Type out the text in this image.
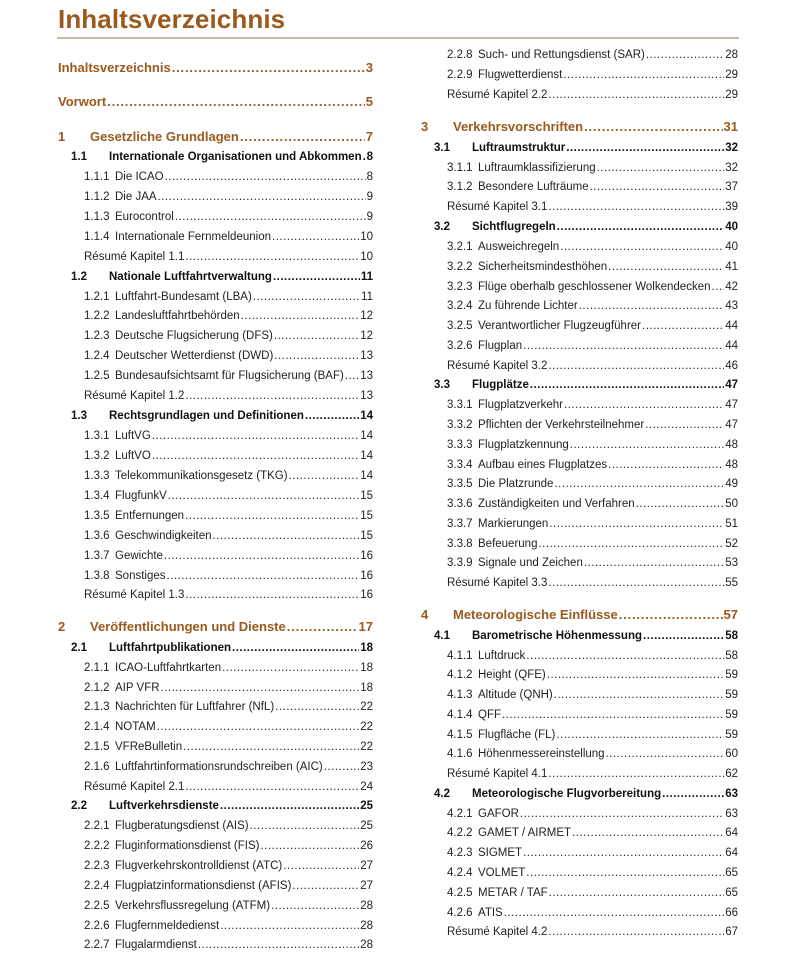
Inhaltsverzeichnis
Inhaltsverzeichnis .....	3
Vorwort .....	5
1	Gesetzliche Grundlagen .....	7
1.1	Internationale Organisationen und Abkommen ..... 8
1.1.1 Die ICAO .....	8
1.1.2 Die JAA .....	9
1.1.3 Eurocontrol .....	9
1.1.4 Internationale Fernmeldeunion .....	10
Résumé Kapitel 1.1 .....	10
1.2	Nationale Luftfahrtverwaltung .....	11
1.2.1 Luftfahrt-Bundesamt (LBA) .....	11
1.2.2 Landesluftfahrtbehörden .....	12
1.2.3 Deutsche Flugsicherung (DFS) .....	12
1.2.4 Deutscher Wetterdienst (DWD) .....	13
1.2.5 Bundesaufsichtsamt für Flugsicherung (BAF) ..... 13
Résumé Kapitel 1.2 .....	13
1.3	Rechtsgrundlagen und Definitionen .....	14
1.3.1 LuftVG .....	14
1.3.2 LuftVO .....	14
1.3.3 Telekommunikationsgesetz (TKG) .....	14
1.3.4 FlugfunkV .....	15
1.3.5 Entfernungen .....	15
1.3.6 Geschwindigkeiten .....	15
1.3.7 Gewichte .....	16
1.3.8 Sonstiges .....	16
Résumé Kapitel 1.3 .....	16
2	Veröffentlichungen und Dienste .....	17
2.1	Luftfahrtpublikationen .....	18
2.1.1 ICAO-Luftfahrtkarten .....	18
2.1.2 AIP VFR .....	18
2.1.3 Nachrichten für Luftfahrer (NfL) .....	22
2.1.4 NOTAM .....	22
2.1.5 VFReBulletin .....	22
2.1.6 Luftfahrtinformationsrundschreiben (AIC) .....	23
Résumé Kapitel 2.1 .....	24
2.2	Luftverkehrsdienste .....	25
2.2.1 Flugberatungsdienst (AIS) .....	25
2.2.2 Fluginformationsdienst (FIS) .....	26
2.2.3 Flugverkehrskontrolldienst (ATC) .....	27
2.2.4 Flugplatzinformationsdienst (AFIS) .....	27
2.2.5 Verkehrsflussregelung (ATFM) .....	28
2.2.6 Flugfernmeldedienst .....	28
2.2.7 Flugalarmdienst .....	28
2.2.8 Such- und Rettungsdienst (SAR) .....	28
2.2.9 Flugwetterdienst .....	29
Résumé Kapitel 2.2 .....	29
3	Verkehrsvorschriften .....	31
3.1	Luftraumstruktur .....	32
3.1.1 Luftraumklassifizierung .....	32
3.1.2 Besondere Lufträume .....	37
Résumé Kapitel 3.1 .....	39
3.2	Sichtflugregeln .....	40
3.2.1 Ausweichregeln .....	40
3.2.2 Sicherheitsmindesthöhen .....	41
3.2.3 Flüge oberhalb geschlossener Wolkendecken ..... 42
3.2.4 Zu führende Lichter .....	43
3.2.5 Verantwortlicher Flugzeugführer .....	44
3.2.6 Flugplan .....	44
Résumé Kapitel 3.2 .....	46
3.3	Flugplätze .....	47
3.3.1 Flugplatzverkehr .....	47
3.3.2 Pflichten der Verkehrsteilnehmer .....	47
3.3.3 Flugplatzkennung .....	48
3.3.4 Aufbau eines Flugplatzes .....	48
3.3.5 Die Platzrunde .....	49
3.3.6 Zuständigkeiten und Verfahren .....	50
3.3.7 Markierungen .....	51
3.3.8 Befeuerung .....	52
3.3.9 Signale und Zeichen .....	53
Résumé Kapitel 3.3 .....	55
4	Meteorologische Einflüsse .....	57
4.1	Barometrische Höhenmessung .....	58
4.1.1 Luftdruck .....	58
4.1.2 Height (QFE) .....	59
4.1.3 Altitude (QNH) .....	59
4.1.4 QFF .....	59
4.1.5 Flugfläche (FL) .....	59
4.1.6 Höhenmessereinstellung .....	60
Résumé Kapitel 4.1 .....	62
4.2	Meteorologische Flugvorbereitung .....	63
4.2.1 GAFOR .....	63
4.2.2 GAMET / AIRMET .....	64
4.2.3 SIGMET .....	64
4.2.4 VOLMET .....	65
4.2.5 METAR / TAF .....	65
4.2.6 ATIS .....	66
Résumé Kapitel 4.2 .....	67
